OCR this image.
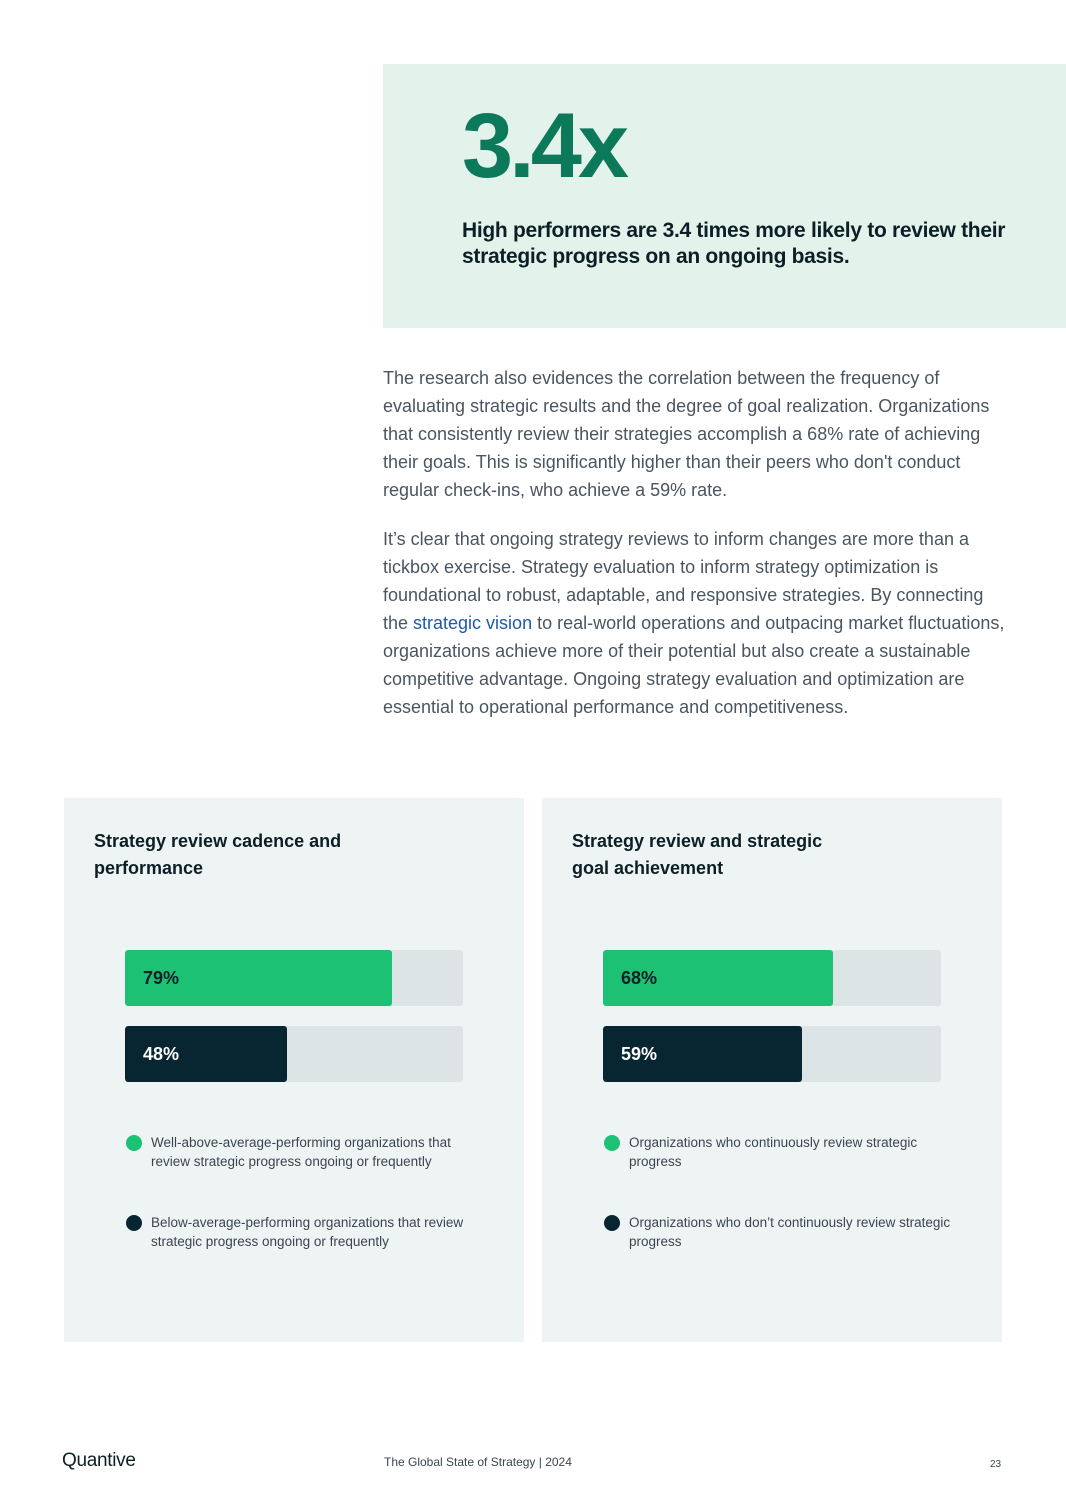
3.4x
High performers are 3.4 times more likely to review their strategic progress on an ongoing basis.

The research also evidences the correlation between the frequency of evaluating strategic results and the degree of goal realization. Organizations that consistently review their strategies accomplish a 68% rate of achieving their goals. This is significantly higher than their peers who don't conduct regular check-ins, who achieve a 59% rate.

It’s clear that ongoing strategy reviews to inform changes are more than a tickbox exercise. Strategy evaluation to inform strategy optimization is foundational to robust, adaptable, and responsive strategies. By connecting the strategic vision to real-world operations and outpacing market fluctuations, organizations achieve more of their potential but also create a sustainable competitive advantage. Ongoing strategy evaluation and optimization are essential to operational performance and competitiveness.

Strategy review cadence and performance
79%
48%
Well-above-average-performing organizations that review strategic progress ongoing or frequently
Below-average-performing organizations that review strategic progress ongoing or frequently
Strategy review and strategic goal achievement
68%
59%
Organizations who continuously review strategic progress
Organizations who don’t continuously review strategic progress
Quantive	The Global State of Strategy | 2024	23
